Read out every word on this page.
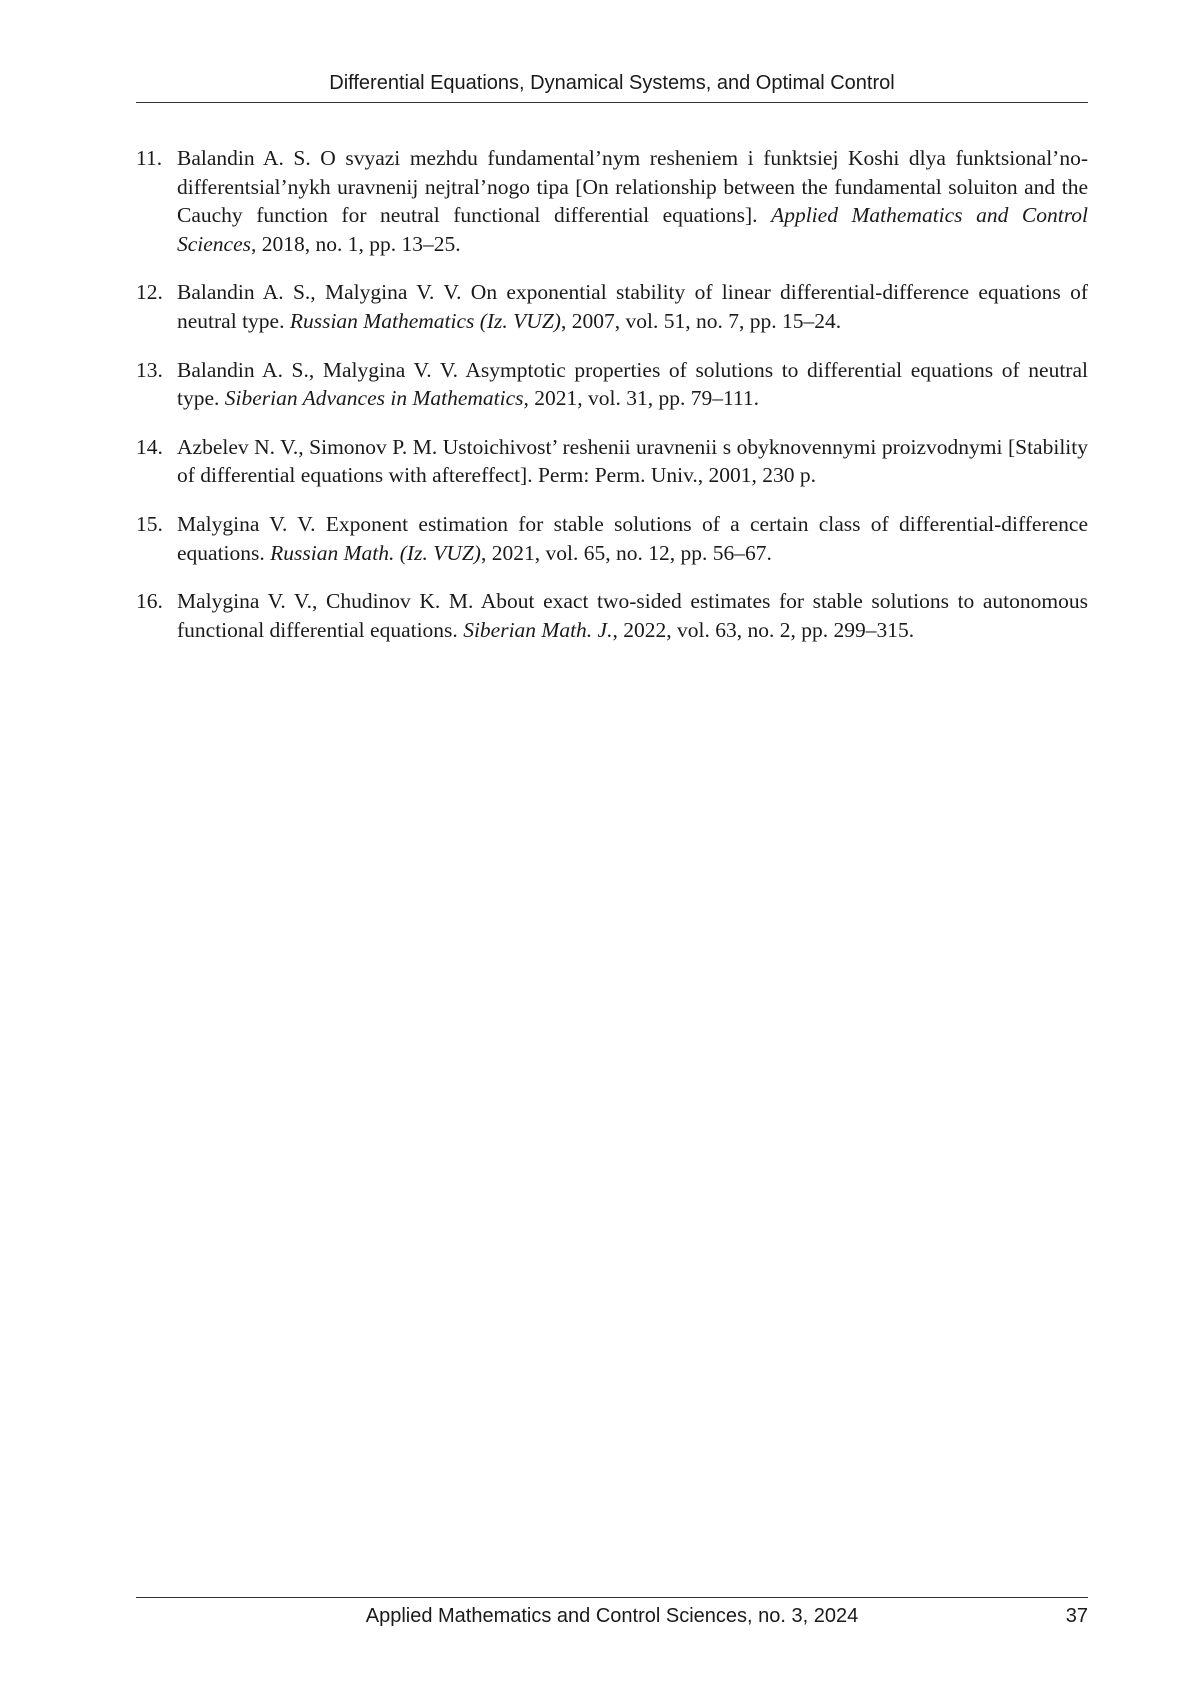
Differential Equations, Dynamical Systems, and Optimal Control
11. Balandin A. S. O svyazi mezhdu fundamental’nym resheniem i funktsiej Koshi dlya funktsional’no-differentsial’nykh uravnenij nejtral’nogo tipa [On relationship between the fundamental soluiton and the Cauchy function for neutral functional differential equations]. Applied Mathematics and Control Sciences, 2018, no. 1, pp. 13–25.
12. Balandin A. S., Malygina V. V. On exponential stability of linear differential-difference equations of neutral type. Russian Mathematics (Iz. VUZ), 2007, vol. 51, no. 7, pp. 15–24.
13. Balandin A. S., Malygina V. V. Asymptotic properties of solutions to differential equations of neutral type. Siberian Advances in Mathematics, 2021, vol. 31, pp. 79–111.
14. Azbelev N. V., Simonov P. M. Ustoichivost’ reshenii uravnenii s obyknovennymi proizvodnymi [Stability of differential equations with aftereffect]. Perm: Perm. Univ., 2001, 230 p.
15. Malygina V. V. Exponent estimation for stable solutions of a certain class of differential-difference equations. Russian Math. (Iz. VUZ), 2021, vol. 65, no. 12, pp. 56–67.
16. Malygina V. V., Chudinov K. M. About exact two-sided estimates for stable solutions to autonomous functional differential equations. Siberian Math. J., 2022, vol. 63, no. 2, pp. 299–315.
Applied Mathematics and Control Sciences, no. 3, 2024	37
